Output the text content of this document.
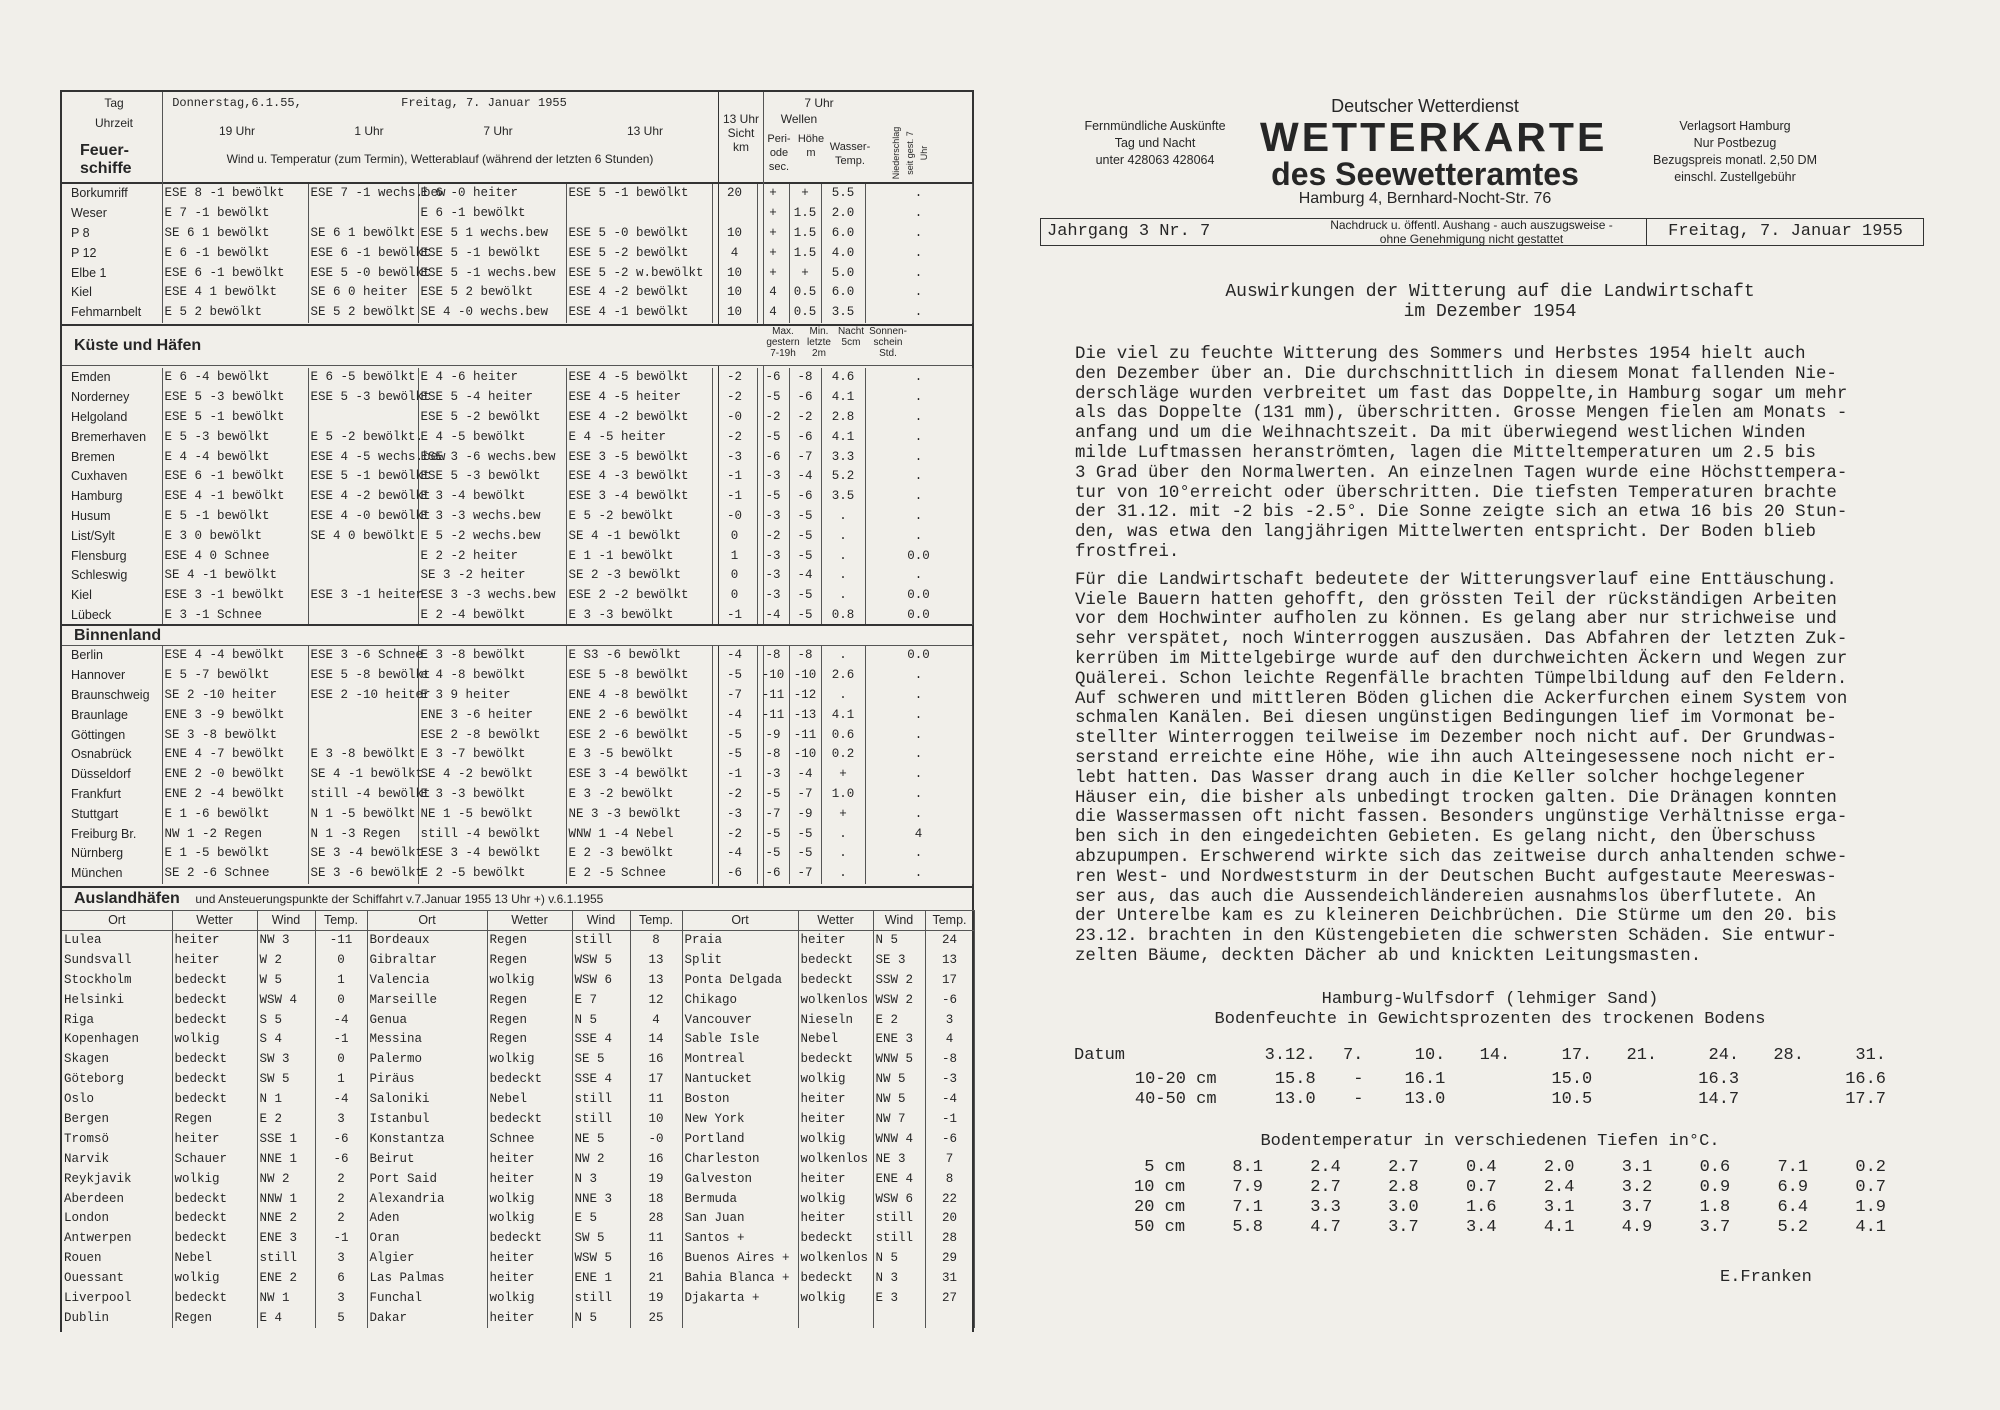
Tag
Uhrzeit
Feuer- schiffe
Donnerstag,6.1.55,
19 Uhr
Freitag, 7. Januar 1955
1 Uhr	7 Uhr	13 Uhr
Wind u. Temperatur (zum Termin), Wetterablauf (während der letzten 6 Stunden)
13 Uhr Sicht km
7 Uhr
Wellen
Peri- ode sec.
Höhe m	Wasser- Temp.	Niederschlag seit gest. 7 Uhr
Borkumriff	ESE 8 -1 bewölkt	ESE 7 -1 wechs.bew	E 6 -0 heiter	ESE 5 -1 bewölkt	20	+	+	5.5	.
Weser	E 7 -1 bewölkt		E 6 -1 bewölkt			+	1.5	2.0	.
P 8	SE 6 1 bewölkt	SE 6 1 bewölkt	ESE 5 1 wechs.bew	ESE 5 -0 bewölkt	10	+	1.5	6.0	.
P 12	E 6 -1 bewölkt	ESE 6 -1 bewölkt	ESE 5 -1 bewölkt	ESE 5 -2 bewölkt	4	+	1.5	4.0	.
Elbe 1	ESE 6 -1 bewölkt	ESE 5 -0 bewölkt	ESE 5 -1 wechs.bew	ESE 5 -2 w.bewölkt	10	+	+	5.0	.
Kiel	ESE 4 1 bewölkt	SE 6 0 heiter	ESE 5 2 bewölkt	ESE 4 -2 bewölkt	10	4	0.5	6.0	.
Fehmarnbelt	E 5 2 bewölkt	SE 5 2 bewölkt	SE 4 -0 wechs.bew	ESE 4 -1 bewölkt	10	4	0.5	3.5	.
Küste und Häfen
Max. gestern 7-19h
Min. letzte 2m
Nacht 5cm
Sonnen- schein Std.
Emden	E 6 -4 bewölkt	E 6 -5 bewölkt	E 4 -6 heiter	ESE 4 -5 bewölkt	-2	-6	-8	4.6	.
Norderney	ESE 5 -3 bewölkt	ESE 5 -3 bewölkt	ESE 5 -4 heiter	ESE 4 -5 heiter	-2	-5	-6	4.1	.
Helgoland	ESE 5 -1 bewölkt		ESE 5 -2 bewölkt	ESE 4 -2 bewölkt	-0	-2	-2	2.8	.
Bremerhaven	E 5 -3 bewölkt	E 5 -2 bewölkt.	E 4 -5 bewölkt	E 4 -5 heiter	-2	-5	-6	4.1	.
Bremen	E 4 -4 bewölkt	ESE 4 -5 wechs.bew	ESE 3 -6 wechs.bew	ESE 3 -5 bewölkt	-3	-6	-7	3.3	.
Cuxhaven	ESE 6 -1 bewölkt	ESE 5 -1 bewölkt	ESE 5 -3 bewölkt	ESE 4 -3 bewölkt	-1	-3	-4	5.2	.
Hamburg	ESE 4 -1 bewölkt	ESE 4 -2 bewölkt	E 3 -4 bewölkt	ESE 3 -4 bewölkt	-1	-5	-6	3.5	.
Husum	E 5 -1 bewölkt	ESE 4 -0 bewölkt	E 3 -3 wechs.bew	E 5 -2 bewölkt	-0	-3	-5	.	.
List/Sylt	E 3 0 bewölkt	SE 4 0 bewölkt	E 5 -2 wechs.bew	SE 4 -1 bewölkt	0	-2	-5	.	.
Flensburg	ESE 4 0 Schnee		E 2 -2 heiter	E 1 -1 bewölkt	1	-3	-5	.	0.0
Schleswig	SE 4 -1 bewölkt		SE 3 -2 heiter	SE 2 -3 bewölkt	0	-3	-4	.	.
Kiel	ESE 3 -1 bewölkt	ESE 3 -1 heiter	ESE 3 -3 wechs.bew	ESE 2 -2 bewölkt	0	-3	-5	.	0.0
Lübeck	E 3 -1 Schnee		E 2 -4 bewölkt	E 3 -3 bewölkt	-1	-4	-5	0.8	0.0
Binnenland
Berlin	ESE 4 -4 bewölkt	ESE 3 -6 Schnee	E 3 -8 bewölkt	E S3 -6 bewölkt	-4	-8	-8	.	0.0
Hannover	E 5 -7 bewölkt	ESE 5 -8 bewölkt	e 4 -8 bewölkt	ESE 5 -8 bewölkt	-5	-10	-10	2.6	.
Braunschweig	SE 2 -10 heiter	ESE 2 -10 heiter	E 3 9 heiter	ENE 4 -8 bewölkt	-7	-11	-12	.	.
Braunlage	ENE 3 -9 bewölkt		ENE 3 -6 heiter	ENE 2 -6 bewölkt	-4	-11	-13	4.1	.
Göttingen	SE 3 -8 bewölkt		ESE 2 -8 bewölkt	ESE 2 -6 bewölkt	-5	-9	-11	0.6	.
Osnabrück	ENE 4 -7 bewölkt	E 3 -8 bewölkt	E 3 -7 bewölkt	E 3 -5 bewölkt	-5	-8	-10	0.2	.
Düsseldorf	ENE 2 -0 bewölkt	SE 4 -1 bewölkt	SE 4 -2 bewölkt	ESE 3 -4 bewölkt	-1	-3	-4	+	.
Frankfurt	ENE 2 -4 bewölkt	still -4 bewölkt	E 3 -3 bewölkt	E 3 -2 bewölkt	-2	-5	-7	1.0	.
Stuttgart	E 1 -6 bewölkt	N 1 -5 bewölkt	NE 1 -5 bewölkt	NE 3 -3 bewölkt	-3	-7	-9	+	.
Freiburg Br.	NW 1 -2 Regen	N 1 -3 Regen	still -4 bewölkt	WNW 1 -4 Nebel	-2	-5	-5	.	4
Nürnberg	E 1 -5 bewölkt	SE 3 -4 bewölkt	ESE 3 -4 bewölkt	E 2 -3 bewölkt	-4	-5	-5	.	.
München	SE 2 -6 Schnee	SE 3 -6 bewölkt	E 2 -5 bewölkt	E 2 -5 Schnee	-6	-6	-7	.	.
Auslandhäfen und Ansteuerungspunkte der Schiffahrt v.7.Januar 1955 13 Uhr +) v.6.1.1955
Ort	Wetter	Wind	Temp.	Ort	Wetter	Wind	Temp.	Ort	Wetter	Wind	Temp.
Lulea	heiter	NW 3	-11	Bordeaux	Regen	still	8	Praia	heiter	N 5	24
Sundsvall	heiter	W 2	0	Gibraltar	Regen	WSW 5	13	Split	bedeckt	SE 3	13
Stockholm	bedeckt	W 5	1	Valencia	wolkig	WSW 6	13	Ponta Delgada	bedeckt	SSW 2	17
Helsinki	bedeckt	WSW 4	0	Marseille	Regen	E 7	12	Chikago	wolkenlos	WSW 2	-6
Riga	bedeckt	S 5	-4	Genua	Regen	N 5	4	Vancouver	Nieseln	E 2	3
Kopenhagen	wolkig	S 4	-1	Messina	Regen	SSE 4	14	Sable Isle	Nebel	ENE 3	4
Skagen	bedeckt	SW 3	0	Palermo	wolkig	SE 5	16	Montreal	bedeckt	WNW 5	-8
Göteborg	bedeckt	SW 5	1	Piräus	bedeckt	SSE 4	17	Nantucket	wolkig	NW 5	-3
Oslo	bedeckt	N 1	-4	Saloniki	Nebel	still	11	Boston	heiter	NW 5	-4
Bergen	Regen	E 2	3	Istanbul	bedeckt	still	10	New York	heiter	NW 7	-1
Tromsö	heiter	SSE 1	-6	Konstantza	Schnee	NE 5	-0	Portland	wolkig	WNW 4	-6
Narvik	Schauer	NNE 1	-6	Beirut	heiter	NW 2	16	Charleston	wolkenlos	NE 3	7
Reykjavik	wolkig	NW 2	2	Port Said	heiter	N 3	19	Galveston	heiter	ENE 4	8
Aberdeen	bedeckt	NNW 1	2	Alexandria	wolkig	NNE 3	18	Bermuda	wolkig	WSW 6	22
London	bedeckt	NNE 2	2	Aden	wolkig	E 5	28	San Juan	heiter	still	20
Antwerpen	bedeckt	ENE 3	-1	Oran	bedeckt	SW 5	11	Santos +	bedeckt	still	28
Rouen	Nebel	still	3	Algier	heiter	WSW 5	16	Buenos Aires +	wolkenlos	N 5	29
Ouessant	wolkig	ENE 2	6	Las Palmas	heiter	ENE 1	21	Bahia Blanca +	bedeckt	N 3	31
Liverpool	bedeckt	NW 1	3	Funchal	wolkig	still	19	Djakarta +	wolkig	E 3	27
Dublin	Regen	E 4	5	Dakar	heiter	N 5	25				
Fernmündliche Auskünfte
Tag und Nacht
unter 428063 428064
Deutscher Wetterdienst
WETTERKARTE
des Seewetteramtes
Hamburg 4, Bernhard-Nocht-Str. 76
Verlagsort Hamburg
Nur Postbezug
Bezugspreis monatl. 2,50 DM
einschl. Zustellgebühr
Jahrgang 3 Nr. 7	Nachdruck u. öffentl. Aushang - auch auszugsweise -
ohne Genehmigung nicht gestattet	Freitag, 7. Januar 1955
Auswirkungen der Witterung auf die Landwirtschaft
im Dezember 1954

Die viel zu feuchte Witterung des Sommers und Herbstes 1954 hielt auch
den Dezember über an. Die durchschnittlich in diesem Monat fallenden Nie-
derschläge wurden verbreitet um fast das Doppelte,in Hamburg sogar um mehr
als das Doppelte (131 mm), überschritten. Grosse Mengen fielen am Monats -
anfang und um die Weihnachtszeit. Da mit überwiegend westlichen Winden
milde Luftmassen heranströmten, lagen die Mitteltemperaturen um 2.5 bis
3 Grad über den Normalwerten. An einzelnen Tagen wurde eine Höchsttempera-
tur von 10°erreicht oder überschritten. Die tiefsten Temperaturen brachte
der 31.12. mit -2 bis -2.5°. Die Sonne zeigte sich an etwa 16 bis 20 Stun-
den, was etwa den langjährigen Mittelwerten entspricht. Der Boden blieb
frostfrei.

Für die Landwirtschaft bedeutete der Witterungsverlauf eine Enttäuschung.
Viele Bauern hatten gehofft, den grössten Teil der rückständigen Arbeiten
vor dem Hochwinter aufholen zu können. Es gelang aber nur strichweise und
sehr verspätet, noch Winterroggen auszusäen. Das Abfahren der letzten Zuk-
kerrüben im Mittelgebirge wurde auf den durchweichten Äckern und Wegen zur
Quälerei. Schon leichte Regenfälle brachten Tümpelbildung auf den Feldern.
Auf schweren und mittleren Böden glichen die Ackerfurchen einem System von
schmalen Kanälen. Bei diesen ungünstigen Bedingungen lief im Vormonat be-
stellter Winterroggen teilweise im Dezember noch nicht auf. Der Grundwas-
serstand erreichte eine Höhe, wie ihn auch Alteingesessene noch nicht er-
lebt hatten. Das Wasser drang auch in die Keller solcher hochgelegener
Häuser ein, die bisher als unbedingt trocken galten. Die Dränagen konnten
die Wassermassen oft nicht fassen. Besonders ungünstige Verhältnisse erga-
ben sich in den eingedeichten Gebieten. Es gelang nicht, den Überschuss
abzupumpen. Erschwerend wirkte sich das zeitweise durch anhaltenden schwe-
ren West- und Nordweststurm in der Deutschen Bucht aufgestaute Meereswas-
ser aus, das auch die Aussendeichländereien ausnahmslos überflutete. An
der Unterelbe kam es zu kleineren Deichbrüchen. Die Stürme um den 20. bis
23.12. brachten in den Küstengebieten die schwersten Schäden. Sie entwur-
zelten Bäume, deckten Dächer ab und knickten Leitungsmasten.

Hamburg-Wulfsdorf (lehmiger Sand)
Bodenfeuchte in Gewichtsprozenten des trockenen Bodens
Datum	3.12.	7.	10.	14.	17.	21.	24.	28.	31.
10-20 cm	15.8	-	16.1		15.0		16.3		16.6
40-50 cm	13.0	-	13.0		10.5		14.7		17.7
Bodentemperatur in verschiedenen Tiefen in°C.
5 cm	8.1	2.4	2.7	0.4	2.0	3.1	0.6	7.1	0.2
10 cm	7.9	2.7	2.8	0.7	2.4	3.2	0.9	6.9	0.7
20 cm	7.1	3.3	3.0	1.6	3.1	3.7	1.8	6.4	1.9
50 cm	5.8	4.7	3.7	3.4	4.1	4.9	3.7	5.2	4.1
E.Franken
